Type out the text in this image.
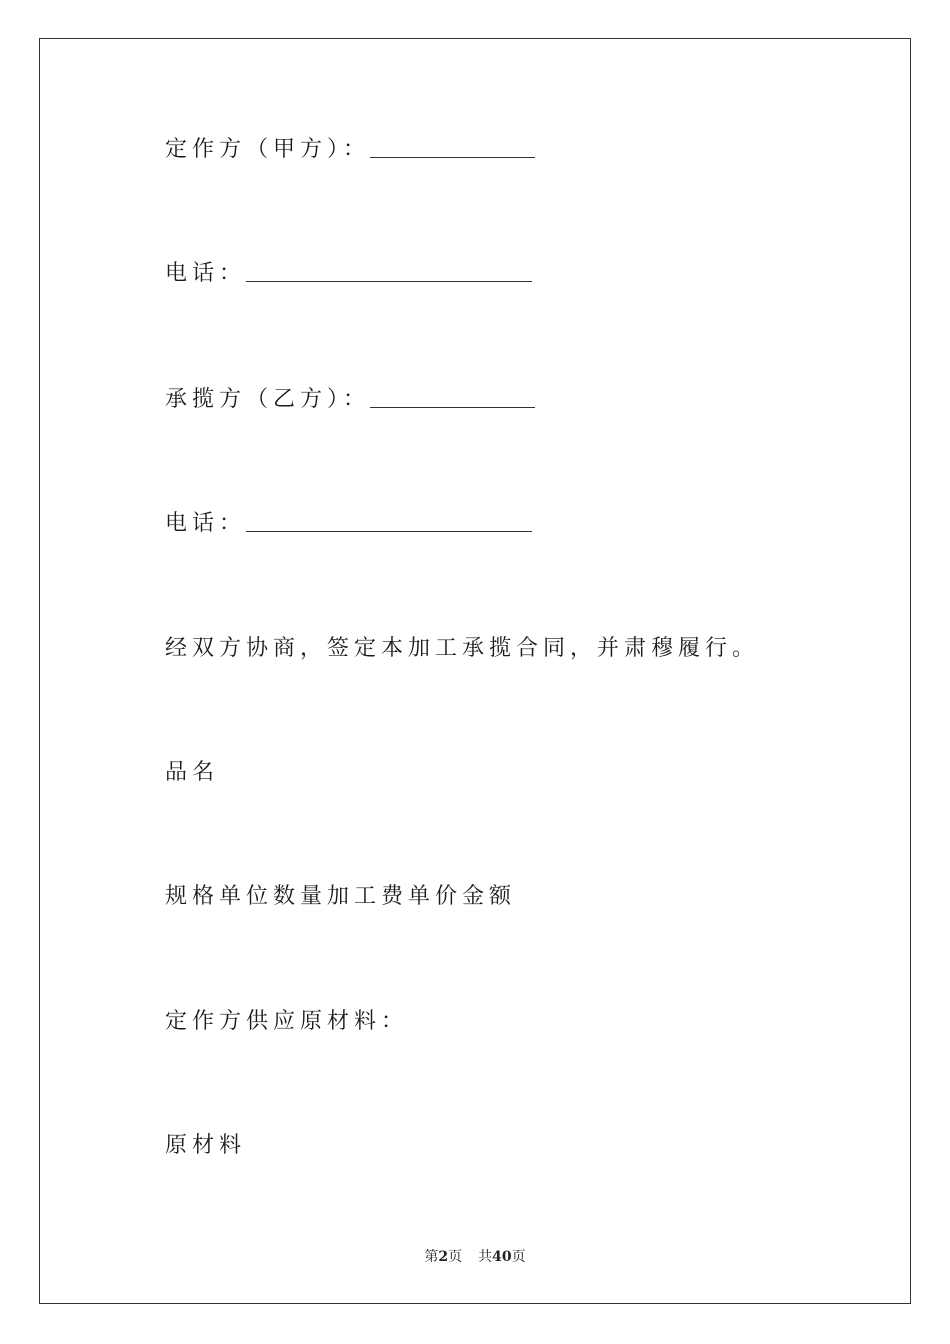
定作方（甲方）：
电话：
承揽方（乙方）：
电话：
经双方协商，签定本加工承揽合同，并肃穆履行。
品名
规格单位数量加工费单价金额
定作方供应原材料：
原材料
第2页 共40页
